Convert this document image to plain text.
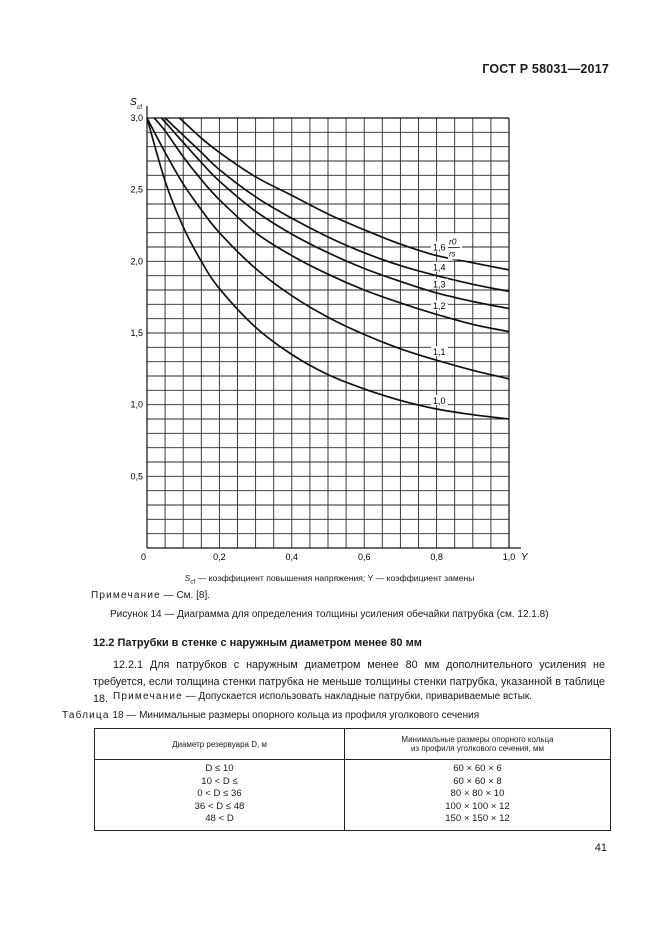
ГОСТ Р 58031—2017
S cf
Y
0
0,5
1,0
1,5
2,0
2,5
3,0
0,2	0,4	0,6	0,8	1,0
1,6
1,4
1,3
1,2
1,1
1,0
r0
rs
$S_{cf}$ — коэффициент повышения напряжения; Y — коэффициент замены
Примечание — См. [8].
Рисунок 14 — Диаграмма для определения толщины усиления обечайки патрубка (см. 12.1.8)
12.2 Патрубки в стенке с наружным диаметром менее 80 мм
12.2.1 Для патрубков с наружным диаметром менее 80 мм дополнительного усиления не требуется, если толщина стенки патрубка не меньше толщины стенки патрубка, указанной в таблице 18. Примечание — Допускается использовать накладные патрубки, привариваемые встык.
Таблица 18 — Минимальные размеры опорного кольца из профиля уголкового сечения
Диаметр резервуара D, м	Минимальные размеры опорного кольца
из профиля уголкового сечения, мм
D ≤ 10	60 × 60 × 6
10 < D ≤	60 × 60 × 8
0 < D ≤ 36	80 × 80 × 10
36 < D ≤ 48	100 × 100 × 12
48 < D	150 × 150 × 12
41
